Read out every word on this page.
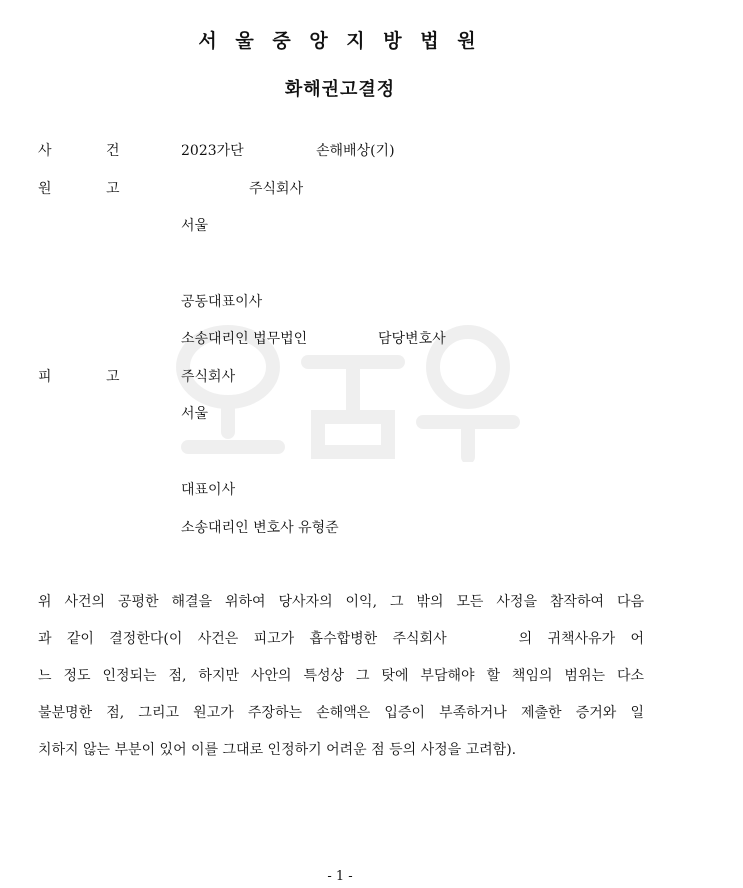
서 울 중 앙 지 방 법 원
화해권고결정
사	건	2023가단	손해배상(기)
원	고	주식회사
서울
공동대표이사
소송대리인 법무법인	담당변호사
피	고	주식회사
서울
대표이사
소송대리인 변호사 유형준
위 사건의 공평한 해결을 위하여 당사자의 이익, 그 밖의 모든 사정을 참작하여 다음
과 같이 결정한다(이 사건은 피고가 흡수합병한 주식회사	의 귀책사유가 어
느 정도 인정되는 점, 하지만 사안의 특성상 그 탓에 부담해야 할 책임의 범위는 다소
불분명한 점, 그리고 원고가 주장하는 손해액은 입증이 부족하거나 제출한 증거와 일
치하지 않는 부분이 있어 이를 그대로 인정하기 어려운 점 등의 사정을 고려함).
- 1 -
